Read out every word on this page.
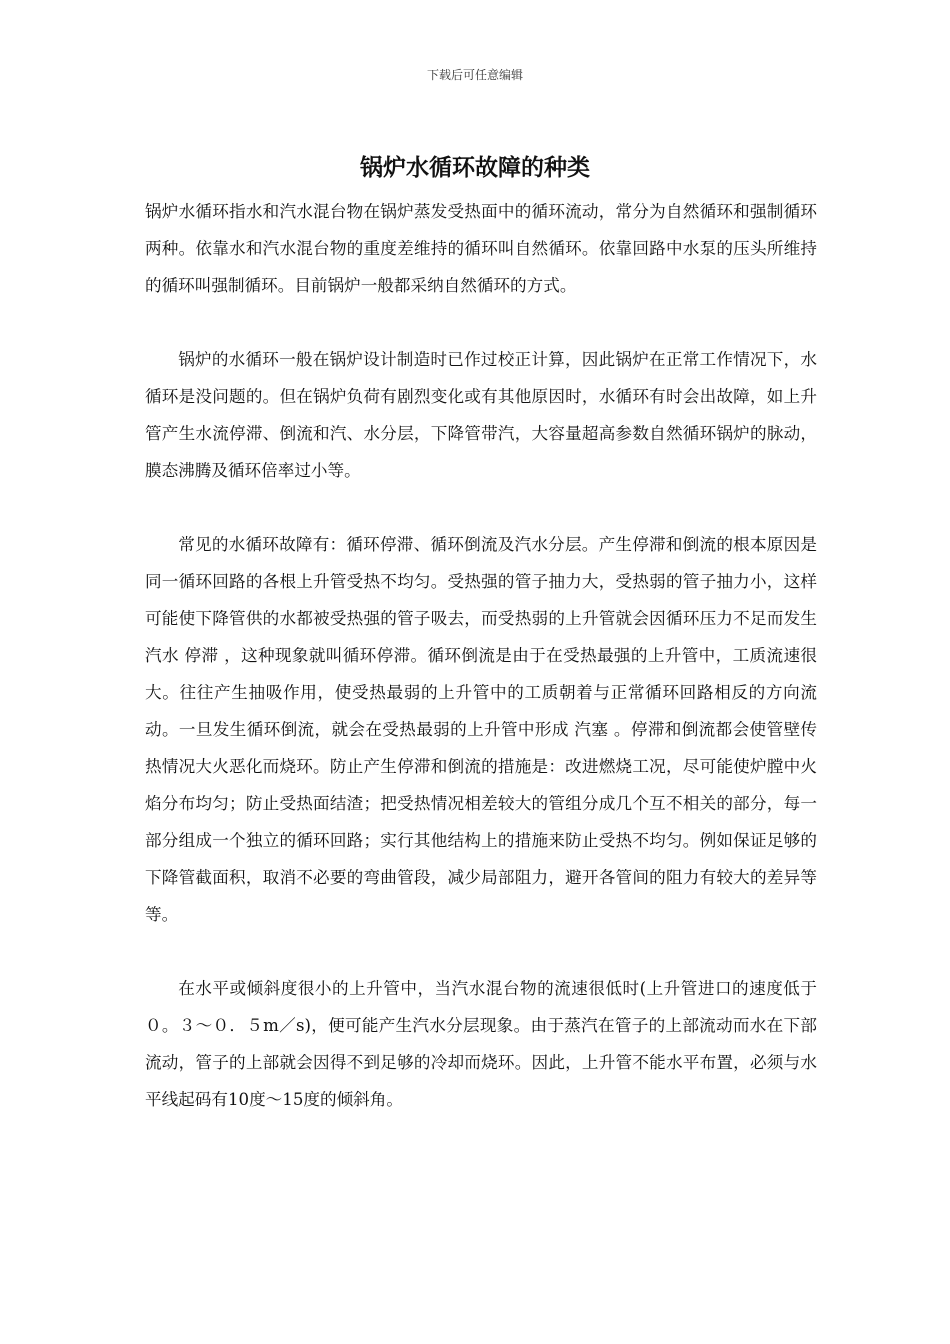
下载后可任意编辑
锅炉水循环故障的种类

锅炉水循环指水和汽水混台物在锅炉蒸发受热面中的循环流动，常分为自然循环和强制循环两种。依靠水和汽水混台物的重度差维持的循环叫自然循环。依靠回路中水泵的压头所维持的循环叫强制循环。目前锅炉一般都采纳自然循环的方式。

锅炉的水循环一般在锅炉设计制造时已作过校正计算，因此锅炉在正常工作情况下，水循环是没问题的。但在锅炉负荷有剧烈变化或有其他原因时，水循环有时会出故障，如上升管产生水流停滞、倒流和汽、水分层，下降管带汽，大容量超高参数自然循环锅炉的脉动，膜态沸腾及循环倍率过小等。

常见的水循环故障有：循环停滞、循环倒流及汽水分层。产生停滞和倒流的根本原因是同一循环回路的各根上升管受热不均匀。受热强的管子抽力大，受热弱的管子抽力小，这样可能使下降管供的水都被受热强的管子吸去，而受热弱的上升管就会因循环压力不足而发生汽水 停滞 ，这种现象就叫循环停滞。循环倒流是由于在受热最强的上升管中，工质流速很大。往往产生抽吸作用，使受热最弱的上升管中的工质朝着与正常循环回路相反的方向流动。一旦发生循环倒流，就会在受热最弱的上升管中形成 汽塞 。停滞和倒流都会使管壁传热情况大火恶化而烧环。防止产生停滞和倒流的措施是：改进燃烧工况，尽可能使炉膛中火焰分布均匀；防止受热面结渣；把受热情况相差较大的管组分成几个互不相关的部分，每一部分组成一个独立的循环回路；实行其他结构上的措施来防止受热不均匀。例如保证足够的下降管截面积，取消不必要的弯曲管段，减少局部阻力，避开各管间的阻力有较大的差异等等。

在水平或倾斜度很小的上升管中，当汽水混台物的流速很低时(上升管进口的速度低于０。３～０．５m／s)，便可能产生汽水分层现象。由于蒸汽在管子的上部流动而水在下部流动，管子的上部就会因得不到足够的冷却而烧环。因此，上升管不能水平布置，必须与水平线起码有10度～15度的倾斜角。
